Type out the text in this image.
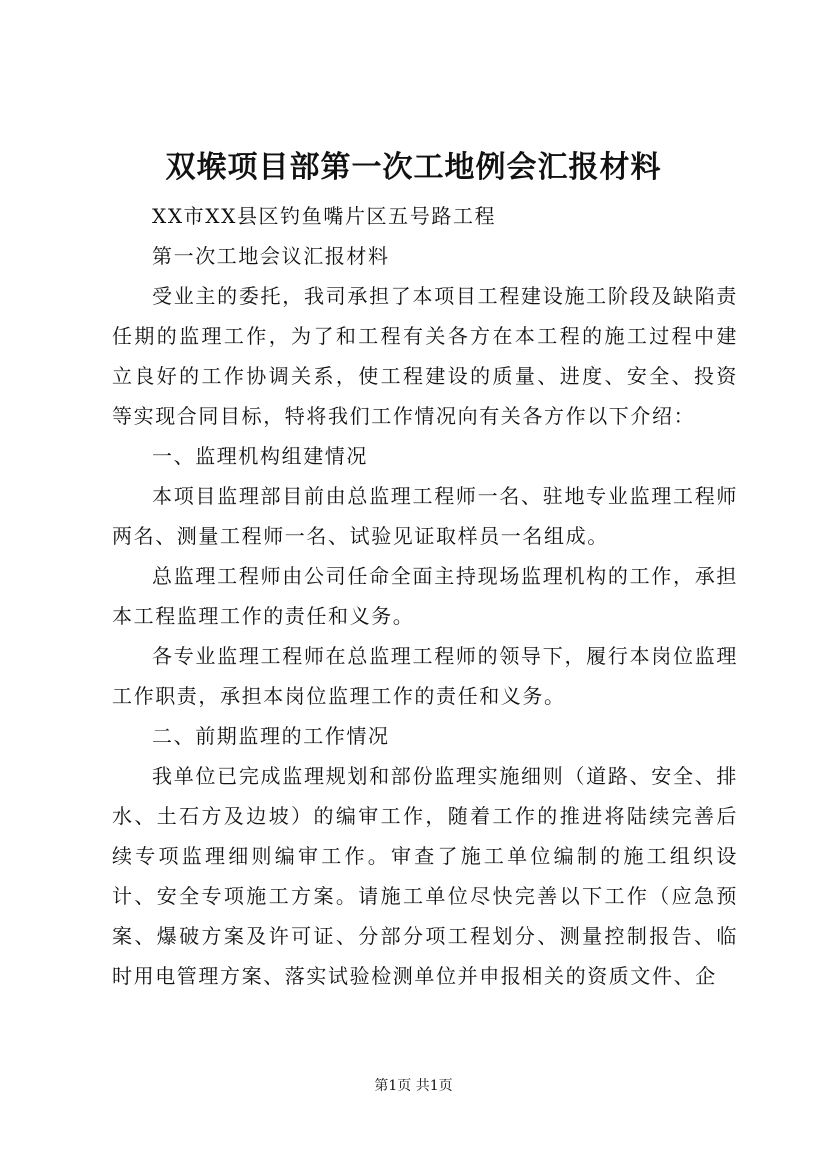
双堠项目部第一次工地例会汇报材料

XX市XX县区钓鱼嘴片区五号路工程

第一次工地会议汇报材料

受业主的委托，我司承担了本项目工程建设施工阶段及缺陷责任期的监理工作，为了和工程有关各方在本工程的施工过程中建立良好的工作协调关系，使工程建设的质量、进度、安全、投资等实现合同目标，特将我们工作情况向有关各方作以下介绍：

一、监理机构组建情况

本项目监理部目前由总监理工程师一名、驻地专业监理工程师两名、测量工程师一名、试验见证取样员一名组成。

总监理工程师由公司任命全面主持现场监理机构的工作，承担本工程监理工作的责任和义务。

各专业监理工程师在总监理工程师的领导下，履行本岗位监理工作职责，承担本岗位监理工作的责任和义务。

二、前期监理的工作情况

我单位已完成监理规划和部份监理实施细则（道路、安全、排水、土石方及边坡）的编审工作，随着工作的推进将陆续完善后续专项监理细则编审工作。审查了施工单位编制的施工组织设计、安全专项施工方案。请施工单位尽快完善以下工作（应急预案、爆破方案及许可证、分部分项工程划分、测量控制报告、临时用电管理方案、落实试验检测单位并申报相关的资质文件、企

第1页 共1页
